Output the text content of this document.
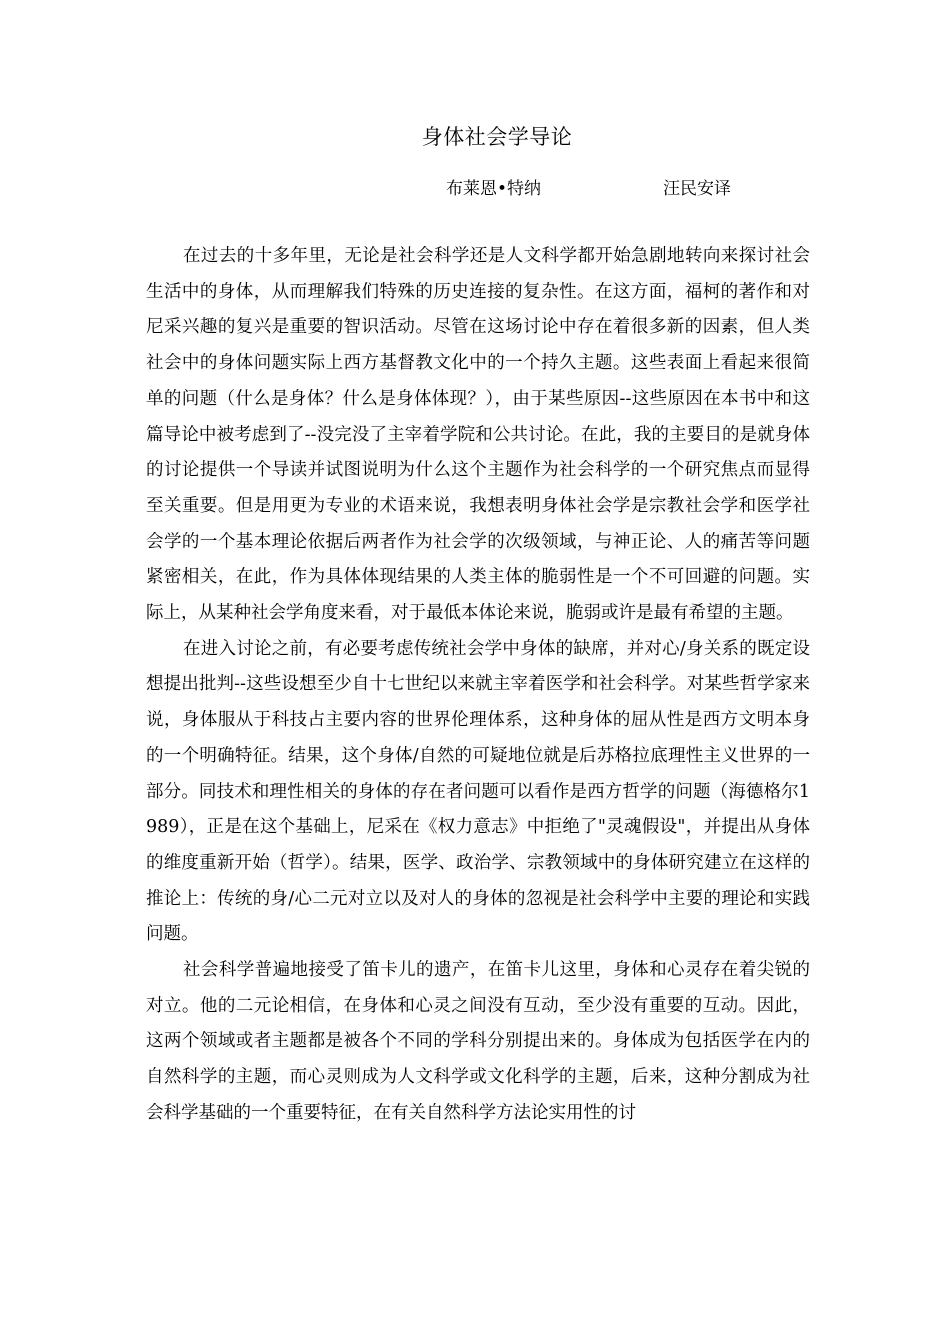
身体社会学导论
布莱恩•特纳	汪民安译

在过去的十多年里，无论是社会科学还是人文科学都开始急剧地转向来探讨社会生活中的身体，从而理解我们特殊的历史连接的复杂性。在这方面，福柯的著作和对尼采兴趣的复兴是重要的智识活动。尽管在这场讨论中存在着很多新的因素，但人类社会中的身体问题实际上西方基督教文化中的一个持久主题。这些表面上看起来很简单的问题（什么是身体？什么是身体体现？），由于某些原因--这些原因在本书中和这篇导论中被考虑到了--没完没了主宰着学院和公共讨论。在此，我的主要目的是就身体的讨论提供一个导读并试图说明为什么这个主题作为社会科学的一个研究焦点而显得至关重要。但是用更为专业的术语来说，我想表明身体社会学是宗教社会学和医学社会学的一个基本理论依据后两者作为社会学的次级领域，与神正论、人的痛苦等问题紧密相关，在此，作为具体体现结果的人类主体的脆弱性是一个不可回避的问题。实际上，从某种社会学角度来看，对于最低本体论来说，脆弱或许是最有希望的主题。

在进入讨论之前，有必要考虑传统社会学中身体的缺席，并对心/身关系的既定设想提出批判--这些设想至少自十七世纪以来就主宰着医学和社会科学。对某些哲学家来说，身体服从于科技占主要内容的世界伦理体系，这种身体的屈从性是西方文明本身的一个明确特征。结果，这个身体/自然的可疑地位就是后苏格拉底理性主义世界的一部分。同技术和理性相关的身体的存在者问题可以看作是西方哲学的问题（海德格尔1989），正是在这个基础上，尼采在《权力意志》中拒绝了"灵魂假设"，并提出从身体的维度重新开始（哲学）。结果，医学、政治学、宗教领域中的身体研究建立在这样的推论上：传统的身/心二元对立以及对人的身体的忽视是社会科学中主要的理论和实践问题。

社会科学普遍地接受了笛卡儿的遗产，在笛卡儿这里，身体和心灵存在着尖锐的对立。他的二元论相信，在身体和心灵之间没有互动，至少没有重要的互动。因此，这两个领域或者主题都是被各个不同的学科分别提出来的。身体成为包括医学在内的自然科学的主题，而心灵则成为人文科学或文化科学的主题，后来，这种分割成为社会科学基础的一个重要特征，在有关自然科学方法论实用性的讨
